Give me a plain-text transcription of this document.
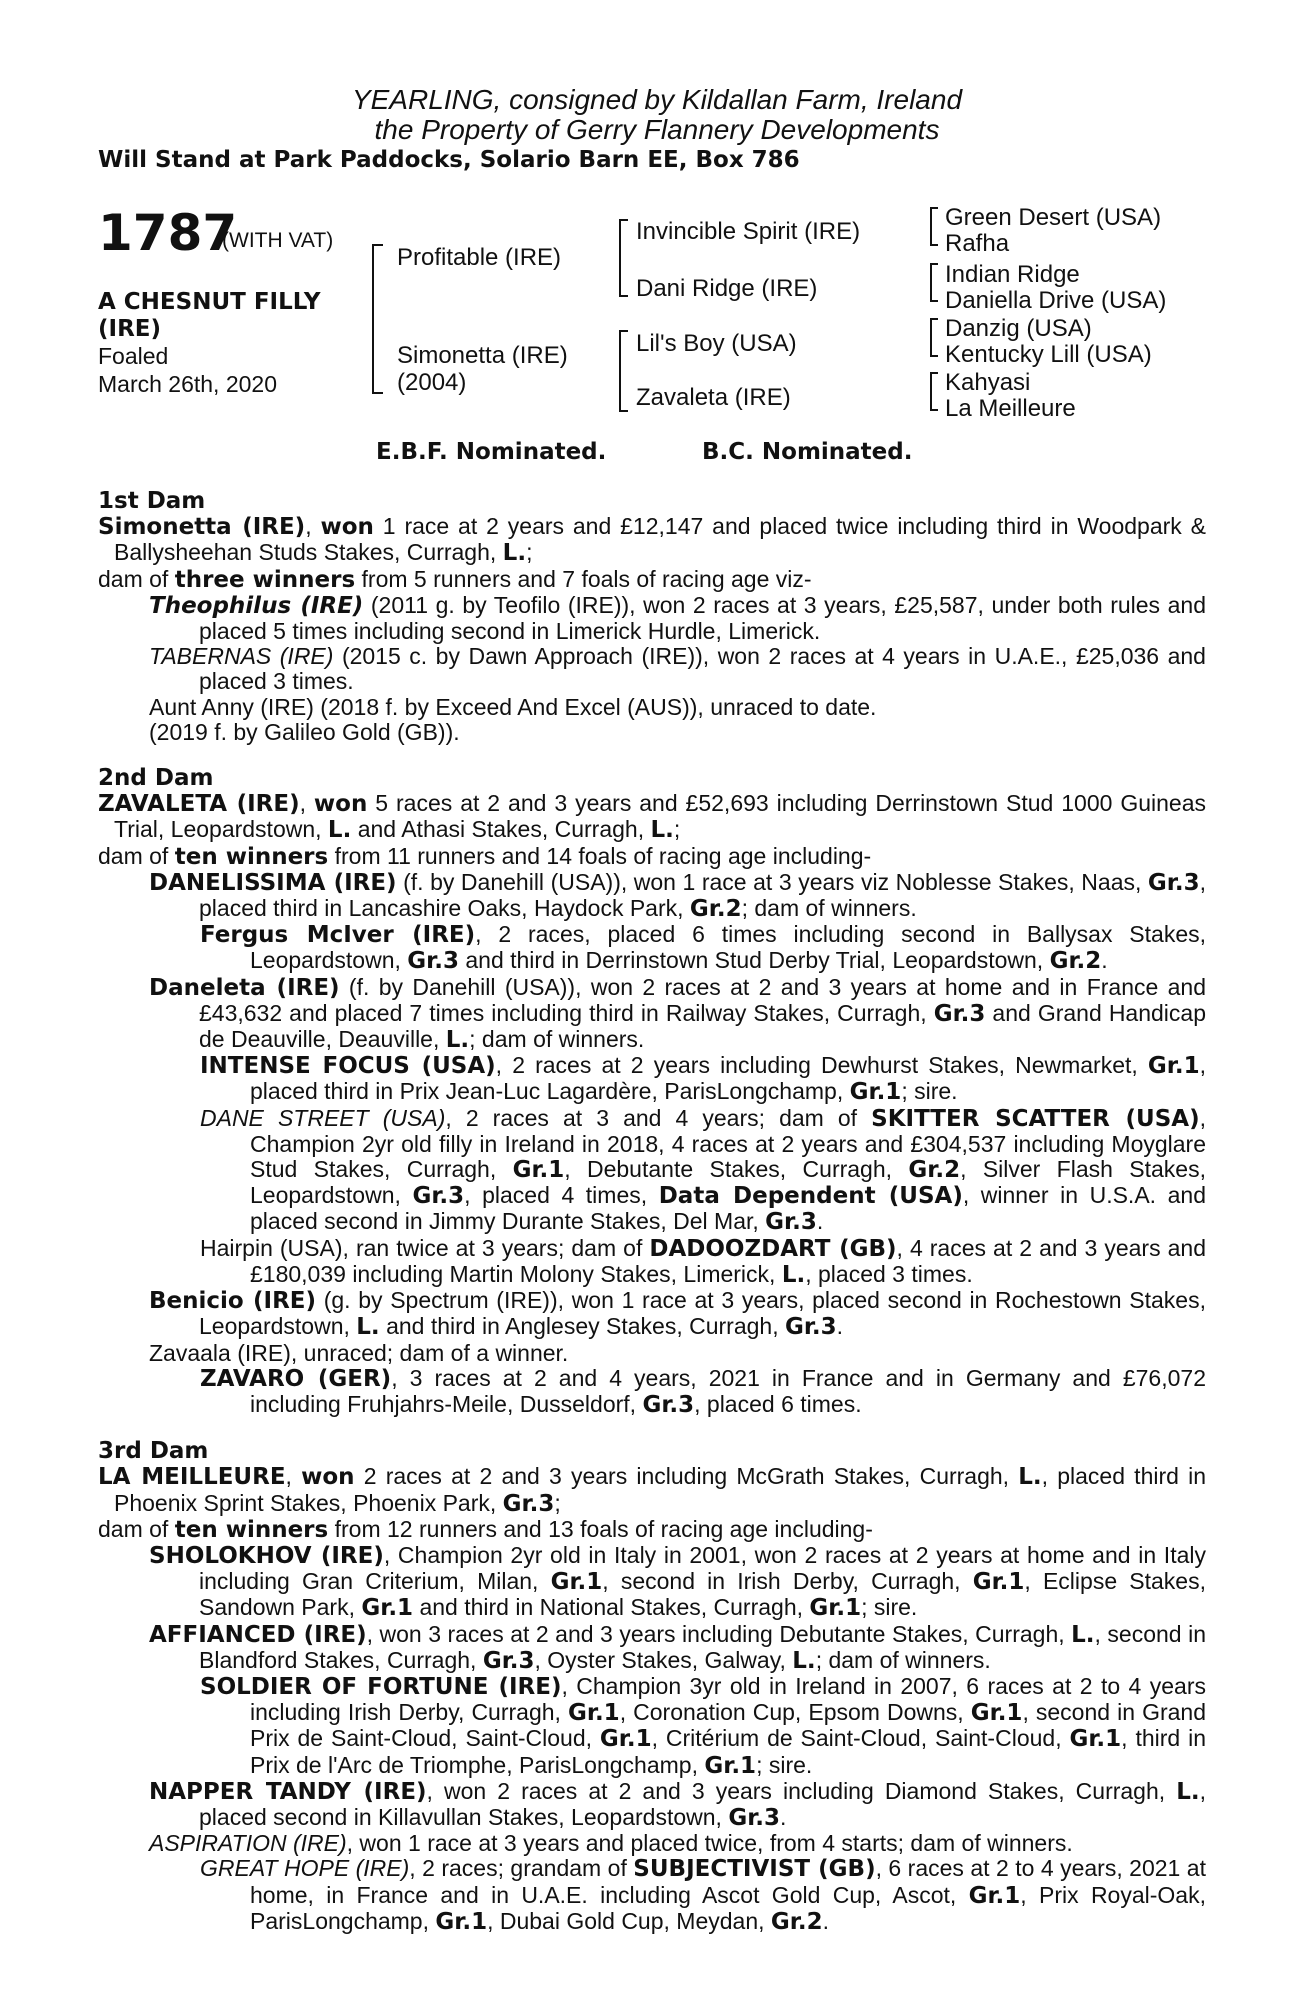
YEARLING, consigned by Kildallan Farm, Ireland
the Property of Gerry Flannery Developments
Will Stand at Park Paddocks, Solario Barn EE, Box 786
1787
(WITH VAT)
A CHESNUT FILLY
(IRE)
Foaled
March 26th, 2020
Profitable (IRE)
Simonetta (IRE)
(2004)
Invincible Spirit (IRE)
Dani Ridge (IRE)
Lil's Boy (USA)
Zavaleta (IRE)
Green Desert (USA)
Rafha
Indian Ridge
Daniella Drive (USA)
Danzig (USA)
Kentucky Lill (USA)
Kahyasi
La Meilleure
E.B.F. Nominated.	B.C. Nominated.
1st Dam
Simonetta (IRE), won 1 race at 2 years and £12,147 and placed twice including third in Woodpark & Ballysheehan Studs Stakes, Curragh, L.;
dam of three winners from 5 runners and 7 foals of racing age viz-
Theophilus (IRE) (2011 g. by Teofilo (IRE)), won 2 races at 3 years, £25,587, under both rules and placed 5 times including second in Limerick Hurdle, Limerick.
TABERNAS (IRE) (2015 c. by Dawn Approach (IRE)), won 2 races at 4 years in U.A.E., £25,036 and placed 3 times.
Aunt Anny (IRE) (2018 f. by Exceed And Excel (AUS)), unraced to date.
(2019 f. by Galileo Gold (GB)).
2nd Dam
ZAVALETA (IRE), won 5 races at 2 and 3 years and £52,693 including Derrinstown Stud 1000 Guineas Trial, Leopardstown, L. and Athasi Stakes, Curragh, L.;
dam of ten winners from 11 runners and 14 foals of racing age including-
DANELISSIMA (IRE) (f. by Danehill (USA)), won 1 race at 3 years viz Noblesse Stakes, Naas, Gr.3, placed third in Lancashire Oaks, Haydock Park, Gr.2; dam of winners.
Fergus McIver (IRE), 2 races, placed 6 times including second in Ballysax Stakes, Leopardstown, Gr.3 and third in Derrinstown Stud Derby Trial, Leopardstown, Gr.2.
Daneleta (IRE) (f. by Danehill (USA)), won 2 races at 2 and 3 years at home and in France and £43,632 and placed 7 times including third in Railway Stakes, Curragh, Gr.3 and Grand Handicap de Deauville, Deauville, L.; dam of winners.
INTENSE FOCUS (USA), 2 races at 2 years including Dewhurst Stakes, Newmarket, Gr.1, placed third in Prix Jean-Luc Lagardère, ParisLongchamp, Gr.1; sire.
DANE STREET (USA), 2 races at 3 and 4 years; dam of SKITTER SCATTER (USA), Champion 2yr old filly in Ireland in 2018, 4 races at 2 years and £304,537 including Moyglare Stud Stakes, Curragh, Gr.1, Debutante Stakes, Curragh, Gr.2, Silver Flash Stakes, Leopardstown, Gr.3, placed 4 times, Data Dependent (USA), winner in U.S.A. and placed second in Jimmy Durante Stakes, Del Mar, Gr.3.
Hairpin (USA), ran twice at 3 years; dam of DADOOZDART (GB), 4 races at 2 and 3 years and £180,039 including Martin Molony Stakes, Limerick, L., placed 3 times.
Benicio (IRE) (g. by Spectrum (IRE)), won 1 race at 3 years, placed second in Rochestown Stakes, Leopardstown, L. and third in Anglesey Stakes, Curragh, Gr.3.
Zavaala (IRE), unraced; dam of a winner.
ZAVARO (GER), 3 races at 2 and 4 years, 2021 in France and in Germany and £76,072 including Fruhjahrs-Meile, Dusseldorf, Gr.3, placed 6 times.
3rd Dam
LA MEILLEURE, won 2 races at 2 and 3 years including McGrath Stakes, Curragh, L., placed third in Phoenix Sprint Stakes, Phoenix Park, Gr.3;
dam of ten winners from 12 runners and 13 foals of racing age including-
SHOLOKHOV (IRE), Champion 2yr old in Italy in 2001, won 2 races at 2 years at home and in Italy including Gran Criterium, Milan, Gr.1, second in Irish Derby, Curragh, Gr.1, Eclipse Stakes, Sandown Park, Gr.1 and third in National Stakes, Curragh, Gr.1; sire.
AFFIANCED (IRE), won 3 races at 2 and 3 years including Debutante Stakes, Curragh, L., second in Blandford Stakes, Curragh, Gr.3, Oyster Stakes, Galway, L.; dam of winners.
SOLDIER OF FORTUNE (IRE), Champion 3yr old in Ireland in 2007, 6 races at 2 to 4 years including Irish Derby, Curragh, Gr.1, Coronation Cup, Epsom Downs, Gr.1, second in Grand Prix de Saint-Cloud, Saint-Cloud, Gr.1, Critérium de Saint-Cloud, Saint-Cloud, Gr.1, third in Prix de l'Arc de Triomphe, ParisLongchamp, Gr.1; sire.
NAPPER TANDY (IRE), won 2 races at 2 and 3 years including Diamond Stakes, Curragh, L., placed second in Killavullan Stakes, Leopardstown, Gr.3.
ASPIRATION (IRE), won 1 race at 3 years and placed twice, from 4 starts; dam of winners.
GREAT HOPE (IRE), 2 races; grandam of SUBJECTIVIST (GB), 6 races at 2 to 4 years, 2021 at home, in France and in U.A.E. including Ascot Gold Cup, Ascot, Gr.1, Prix Royal-Oak, ParisLongchamp, Gr.1, Dubai Gold Cup, Meydan, Gr.2.
